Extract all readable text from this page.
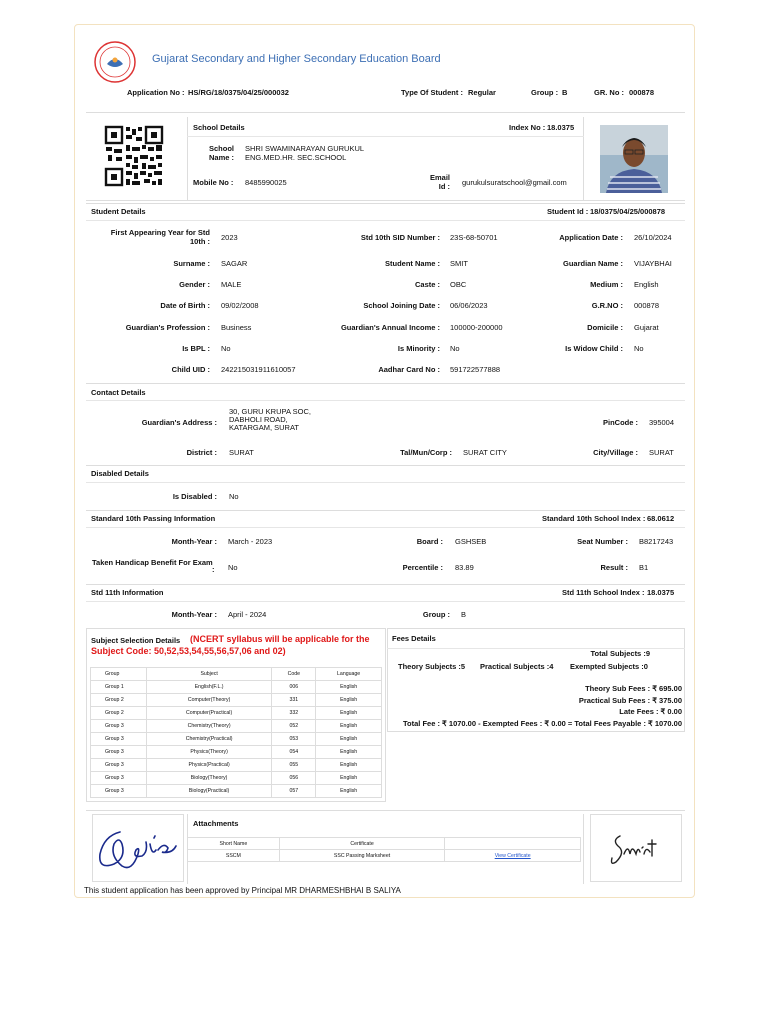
Gujarat Secondary and Higher Secondary Education Board
Application No : HS/RG/18/0375/04/25/000032	Type Of Student : Regular	Group : B	GR. No : 000878
School Details	Index No : 18.0375
School
Name :
SHRI SWAMINARAYAN GURUKUL
ENG.MED.HR. SEC.SCHOOL
Mobile No : 8485990025
Email
Id : gurukulsuratschool@gmail.com
Student Details	Student Id : 18/0375/04/25/000878
First Appearing Year for Std
10th : 2023	Std 10th SID Number : 23S-68-50701	Application Date : 26/10/2024
Surname : SAGAR	Student Name : SMIT	Guardian Name : VIJAYBHAI
Gender : MALE	Caste : OBC	Medium : English
Date of Birth : 09/02/2008	School Joining Date : 06/06/2023	G.R.NO : 000878
Guardian's Profession : Business	Guardian's Annual Income : 100000-200000	Domicile : Gujarat
Is BPL : No	Is Minority : No	Is Widow Child : No
Child UID : 242215031911610057	Aadhar Card No : 591722577888
Contact Details
Guardian's Address :
30, GURU KRUPA SOC,
DABHOLI ROAD,
KATARGAM, SURAT
PinCode : 395004
District : SURAT	Tal/Mun/Corp : SURAT CITY	City/Village : SURAT
Disabled Details
Is Disabled : No
Standard 10th Passing Information	Standard 10th School Index : 68.0612
Month-Year : March - 2023	Board : GSHSEB	Seat Number : B8217243
Taken Handicap Benefit For Exam
: No	Percentile : 83.89	Result : B1
Std 11th Information	Std 11th School Index : 18.0375
Month-Year : April - 2024	Group : B
Subject Selection Details (NCERT syllabus will be applicable for the
Subject Code: 50,52,53,54,55,56,57,06 and 02)
Group	Subject	Code	Language
Group 1	English(F.L.)	006	English
Group 2	Computer(Theory)	331	English
Group 2	Computer(Practical)	332	English
Group 3	Chemistry(Theory)	052	English
Group 3	Chemistry(Practical)	053	English
Group 3	Physics(Theory)	054	English
Group 3	Physics(Practical)	055	English
Group 3	Biology(Theory)	056	English
Group 3	Biology(Practical)	057	English
Fees Details
Total Subjects :9
Theory Subjects :5 Practical Subjects :4 Exempted Subjects :0
Theory Sub Fees : ₹ 695.00
Practical Sub Fees : ₹ 375.00
Late Fees : ₹ 0.00
Total Fee : ₹ 1070.00 - Exempted Fees : ₹ 0.00 = Total Fees Payable : ₹ 1070.00
Attachments
Short Name	Certificate	
SSCM	SSC Passing Marksheet	View Certificate
This student application has been approved by Principal MR DHARMESHBHAI B SALIYA
